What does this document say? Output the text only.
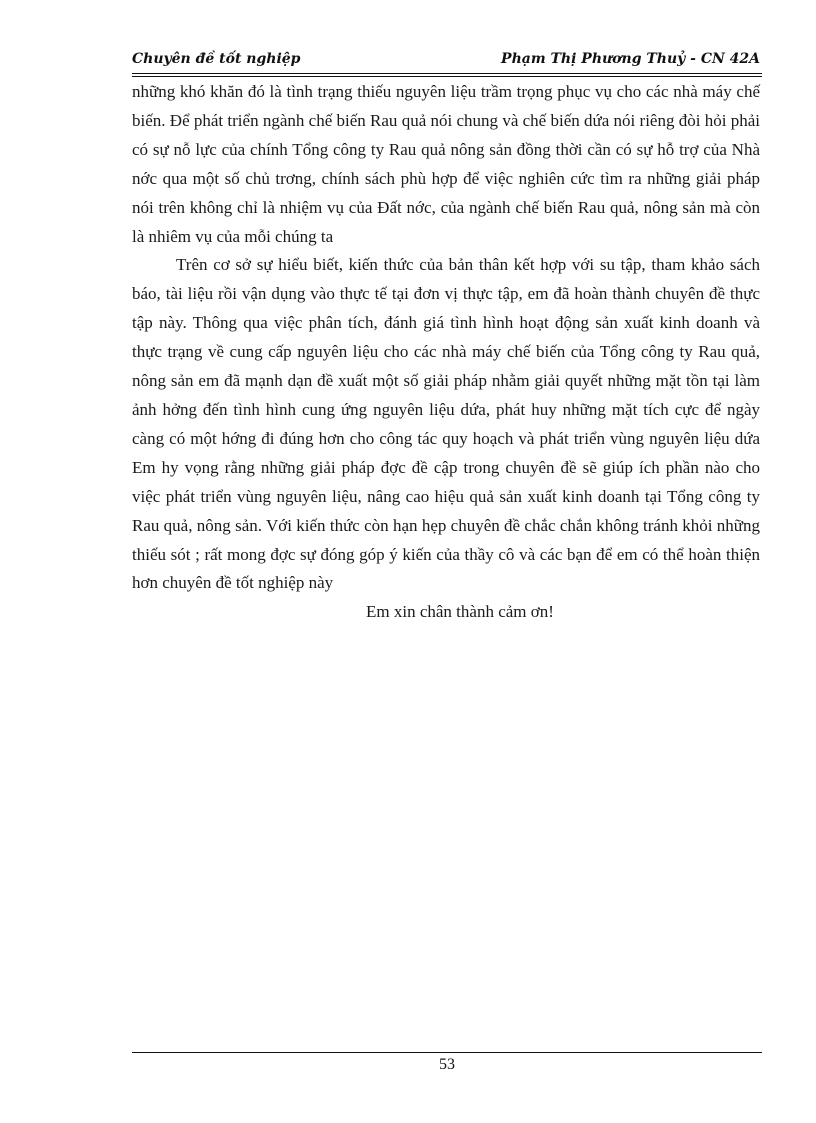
Chuyên đề tốt nghiệp	Phạm Thị Phương Thuỷ - CN 42A

những khó khăn đó là tình trạng thiếu nguyên liệu trầm trọng phục vụ cho các nhà máy chế biến. Để phát triển ngành chế biến Rau quả nói chung và chế biến dứa nói riêng đòi hỏi phải có sự nỗ lực của chính Tổng công ty Rau quả nông sản đồng thời cần có sự hỗ trợ của Nhà nớc qua một số chủ trơng, chính sách phù hợp để việc nghiên cức tìm ra những giải pháp nói trên không chỉ là nhiệm vụ của Đất nớc, của ngành chế biến Rau quả, nông sản mà còn là nhiêm vụ của mỗi chúng ta

Trên cơ sở sự hiểu biết, kiến thức của bản thân kết hợp với su tập, tham khảo sách báo, tài liệu rồi vận dụng vào thực tế tại đơn vị thực tập, em đã hoàn thành chuyên đề thực tập này. Thông qua việc phân tích, đánh giá tình hình hoạt động sản xuất kinh doanh và thực trạng về cung cấp nguyên liệu cho các nhà máy chế biến của Tổng công ty Rau quả, nông sản em đã mạnh dạn đề xuất một số giải pháp nhằm giải quyết những mặt tồn tại làm ảnh hởng đến tình hình cung ứng nguyên liệu dứa, phát huy những mặt tích cực để ngày càng có một hớng đi đúng hơn cho công tác quy hoạch và phát triển vùng nguyên liệu dứa Em hy vọng rằng những giải pháp đợc đề cập trong chuyên đề sẽ giúp ích phần nào cho việc phát triển vùng nguyên liệu, nâng cao hiệu quả sản xuất kinh doanh tại Tổng công ty Rau quả, nông sản. Với kiến thức còn hạn hẹp chuyên đề chắc chắn không tránh khỏi những thiếu sót ; rất mong đợc sự đóng góp ý kiến của thầy cô và các bạn để em có thể hoàn thiện hơn chuyên đề tốt nghiệp này

Em xin chân thành cảm ơn!

53
